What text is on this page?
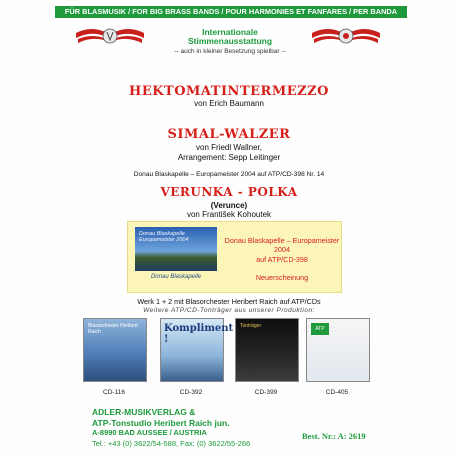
FÜR BLASMUSIK / FOR BIG BRASS BANDS / POUR HARMONIES ET FANFARES / PER BANDA
Internationale
Stimmenausstattung
-- auch in kleiner Besetzung spielbar --
HEKTOMATINTERMEZZO
von Erich Baumann
SIMAL-WALZER
von Friedl Wallner,
Arrangement: Sepp Leitinger
Donau Blaskapelle – Europameister 2004 auf ATP/CD-398 Nr. 14
VERUNKA - POLKA
(Verunce)
von František Kohoutek
Donau Blaskapelle Europameister 2004
Donau Blaskapelle
Donau Blaskapelle – Europameister 2004
auf ATP/CD-398
Neuerscheinung
Werk 1 + 2 mit Blasorchester Heribert Raich auf ATP/CDs
Weitere ATP/CD-Tonträger aus unserer Produktion:
Blasorchester Heribert Raich	Kompliment !
Tonträger	ATP
CD-116	CD-392	CD-399	CD-405
ADLER-MUSIKVERLAG &
ATP-Tonstudio Heribert Raich jun.
A-8990 BAD AUSSEE / AUSTRIA
Tel.: +43 (0) 3622/54-588, Fax: (0) 3622/55-266
Best. Nr.: A: 2619
